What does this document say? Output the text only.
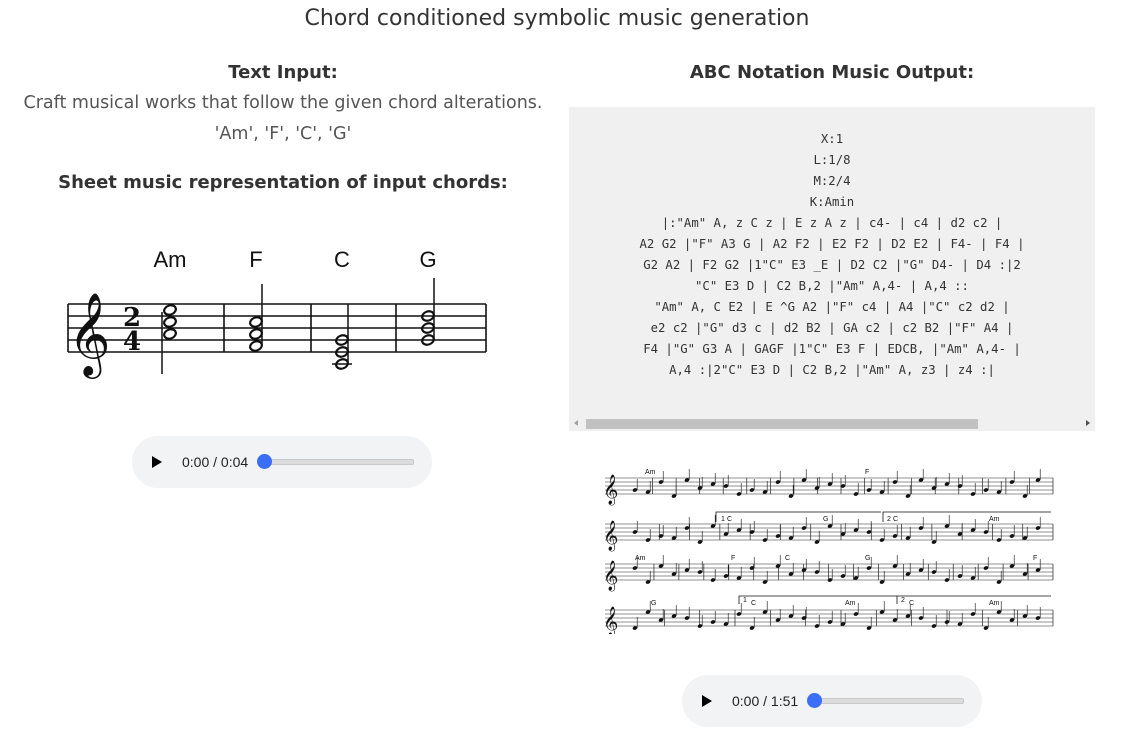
Chord conditioned symbolic music generation
Text Input:
Craft musical works that follow the given chord alterations.
'Am', 'F', 'C', 'G'
Sheet music representation of input chords:
Am	F	C	G
𝄞 2
4
0:00 / 0:04
ABC Notation Music Output:
X:1
L:1/8
M:2/4
K:Amin
|:"Am" A, z C z | E z A z | c4- | c4 | d2 c2 |
A2 G2 |"F" A3 G | A2 F2 | E2 F2 | D2 E2 | F4- | F4 |
G2 A2 | F2 G2 |1"C" E3 _E | D2 C2 |"G" D4- | D4 :|2
"C" E3 D | C2 B,2 |"Am" A,4- | A,4 ::
"Am" A, C E2 | E ^G A2 |"F" c4 | A4 |"C" c2 d2 |
e2 c2 |"G" d3 c | d2 B2 | GA c2 | c2 B2 |"F" A4 |
F4 |"G" G3 A | GAGF |1"C" E3 F | EDCB, |"Am" A,4- |
A,4 :|2"C" E3 D | C2 B,2 |"Am" A, z3 | z4 :|
𝄞
𝄞
𝄞
𝄞
Am	F
1 C	G	2 C	Am
Am	F	C	G	F
G	1 C	Am	2 C	Am
0:00 / 1:51
